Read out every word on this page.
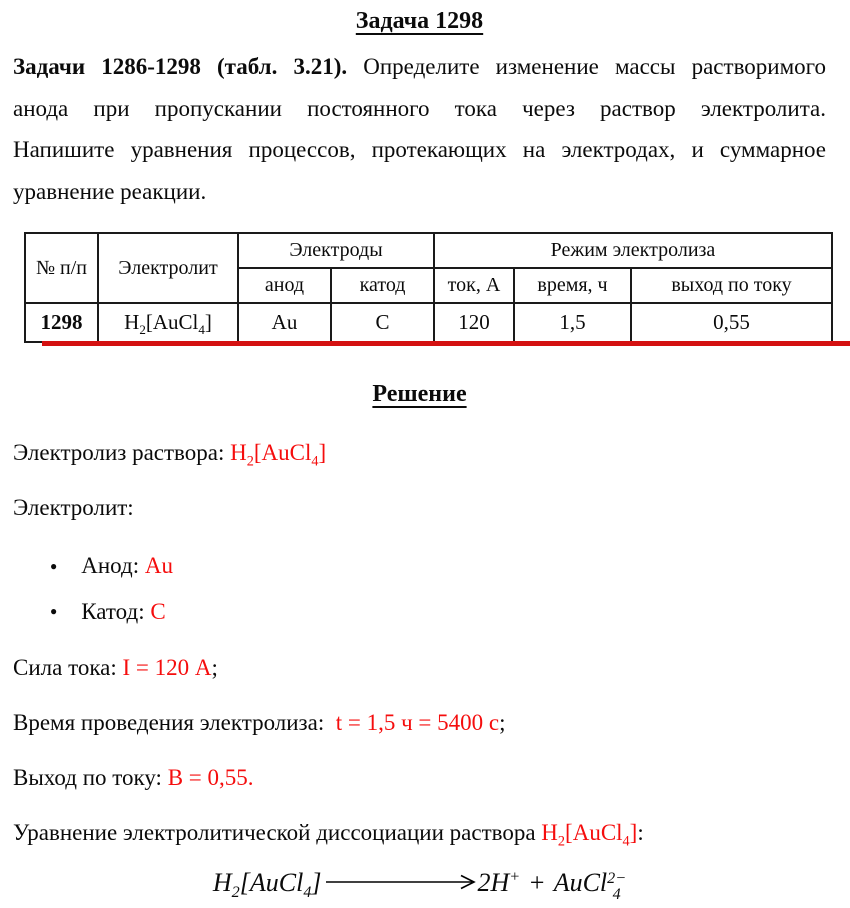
Задача 1298
Задачи 1286-1298 (табл. 3.21). Определите изменение массы растворимого
анода при пропускании постоянного тока через раствор электролита.
Напишите уравнения процессов, протекающих на электродах, и суммарное
уравнение реакции.
№ п/п	Электролит	Электроды		Режим электролиза		
		анод	катод	ток, А	время, ч	выход по току
1298	$H_2[AuCl_4]$	Au	C	120	1,5	0,55
Решение

Электролиз раствора: $H_2[AuCl_4]$

Электролит:

● Анод: Au
● Катод: C

Сила тока: I = 120 А;

Время проведения электролиза:  t = 1,5 ч = 5400 с;

Выход по току: В = 0,55.

Уравнение электролитической диссоциации раствора $H_2[AuCl_4]$:

$H_2[AuCl_4]$	2H+ + AuCl 2−
4
